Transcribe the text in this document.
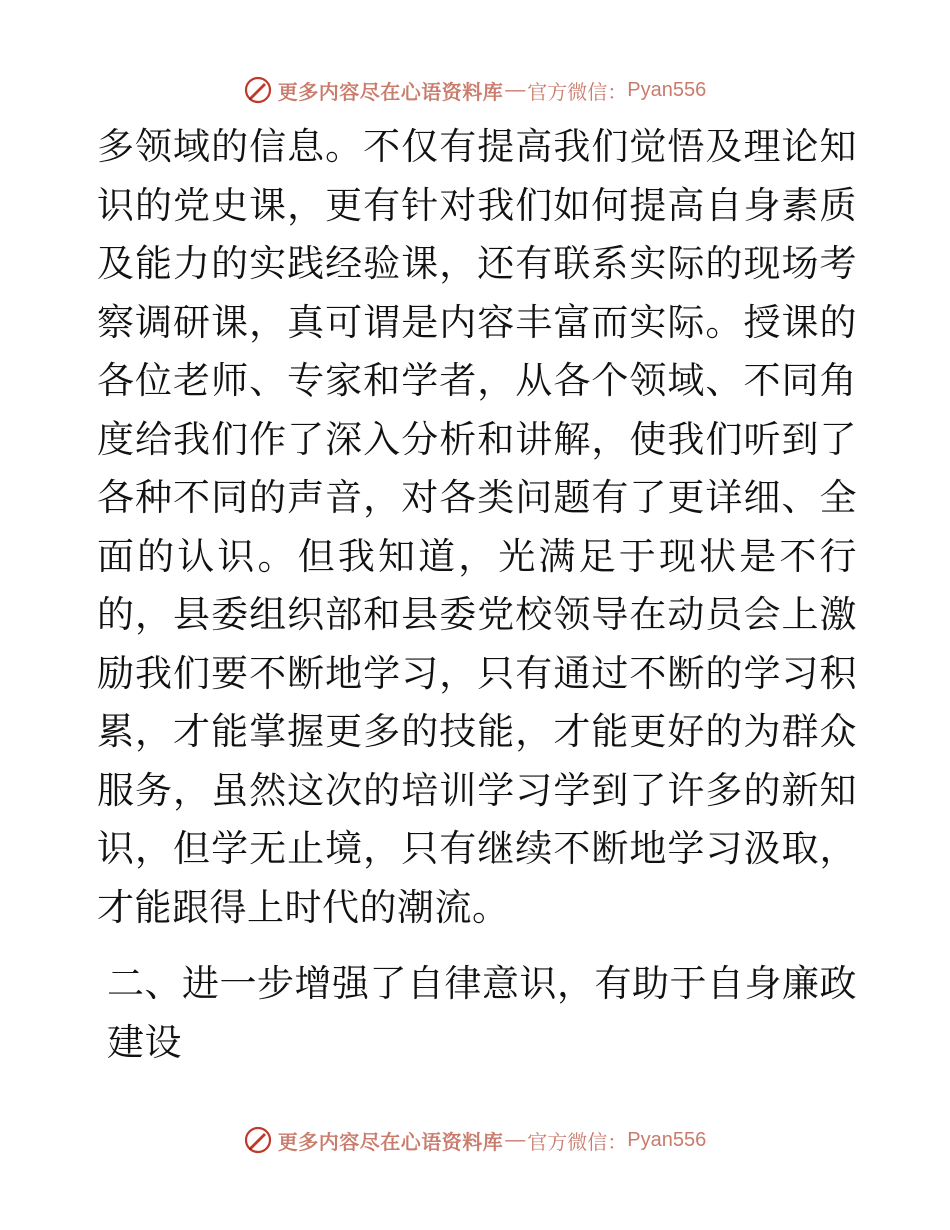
更多内容尽在心语资料库 — 官方微信： Pyan556

多领域的信息。不仅有提高我们觉悟及理论知识的党史课，更有针对我们如何提高自身素质及能力的实践经验课，还有联系实际的现场考察调研课，真可谓是内容丰富而实际。授课的各位老师、专家和学者，从各个领域、不同角度给我们作了深入分析和讲解，使我们听到了各种不同的声音，对各类问题有了更详细、全面的认识。但我知道，光满足于现状是不行的，县委组织部和县委党校领导在动员会上激励我们要不断地学习，只有通过不断的学习积累，才能掌握更多的技能，才能更好的为群众服务，虽然这次的培训学习学到了许多的新知识，但学无止境，只有继续不断地学习汲取，才能跟得上时代的潮流。

二、进一步增强了自律意识，有助于自身廉政建设

更多内容尽在心语资料库 — 官方微信： Pyan556
